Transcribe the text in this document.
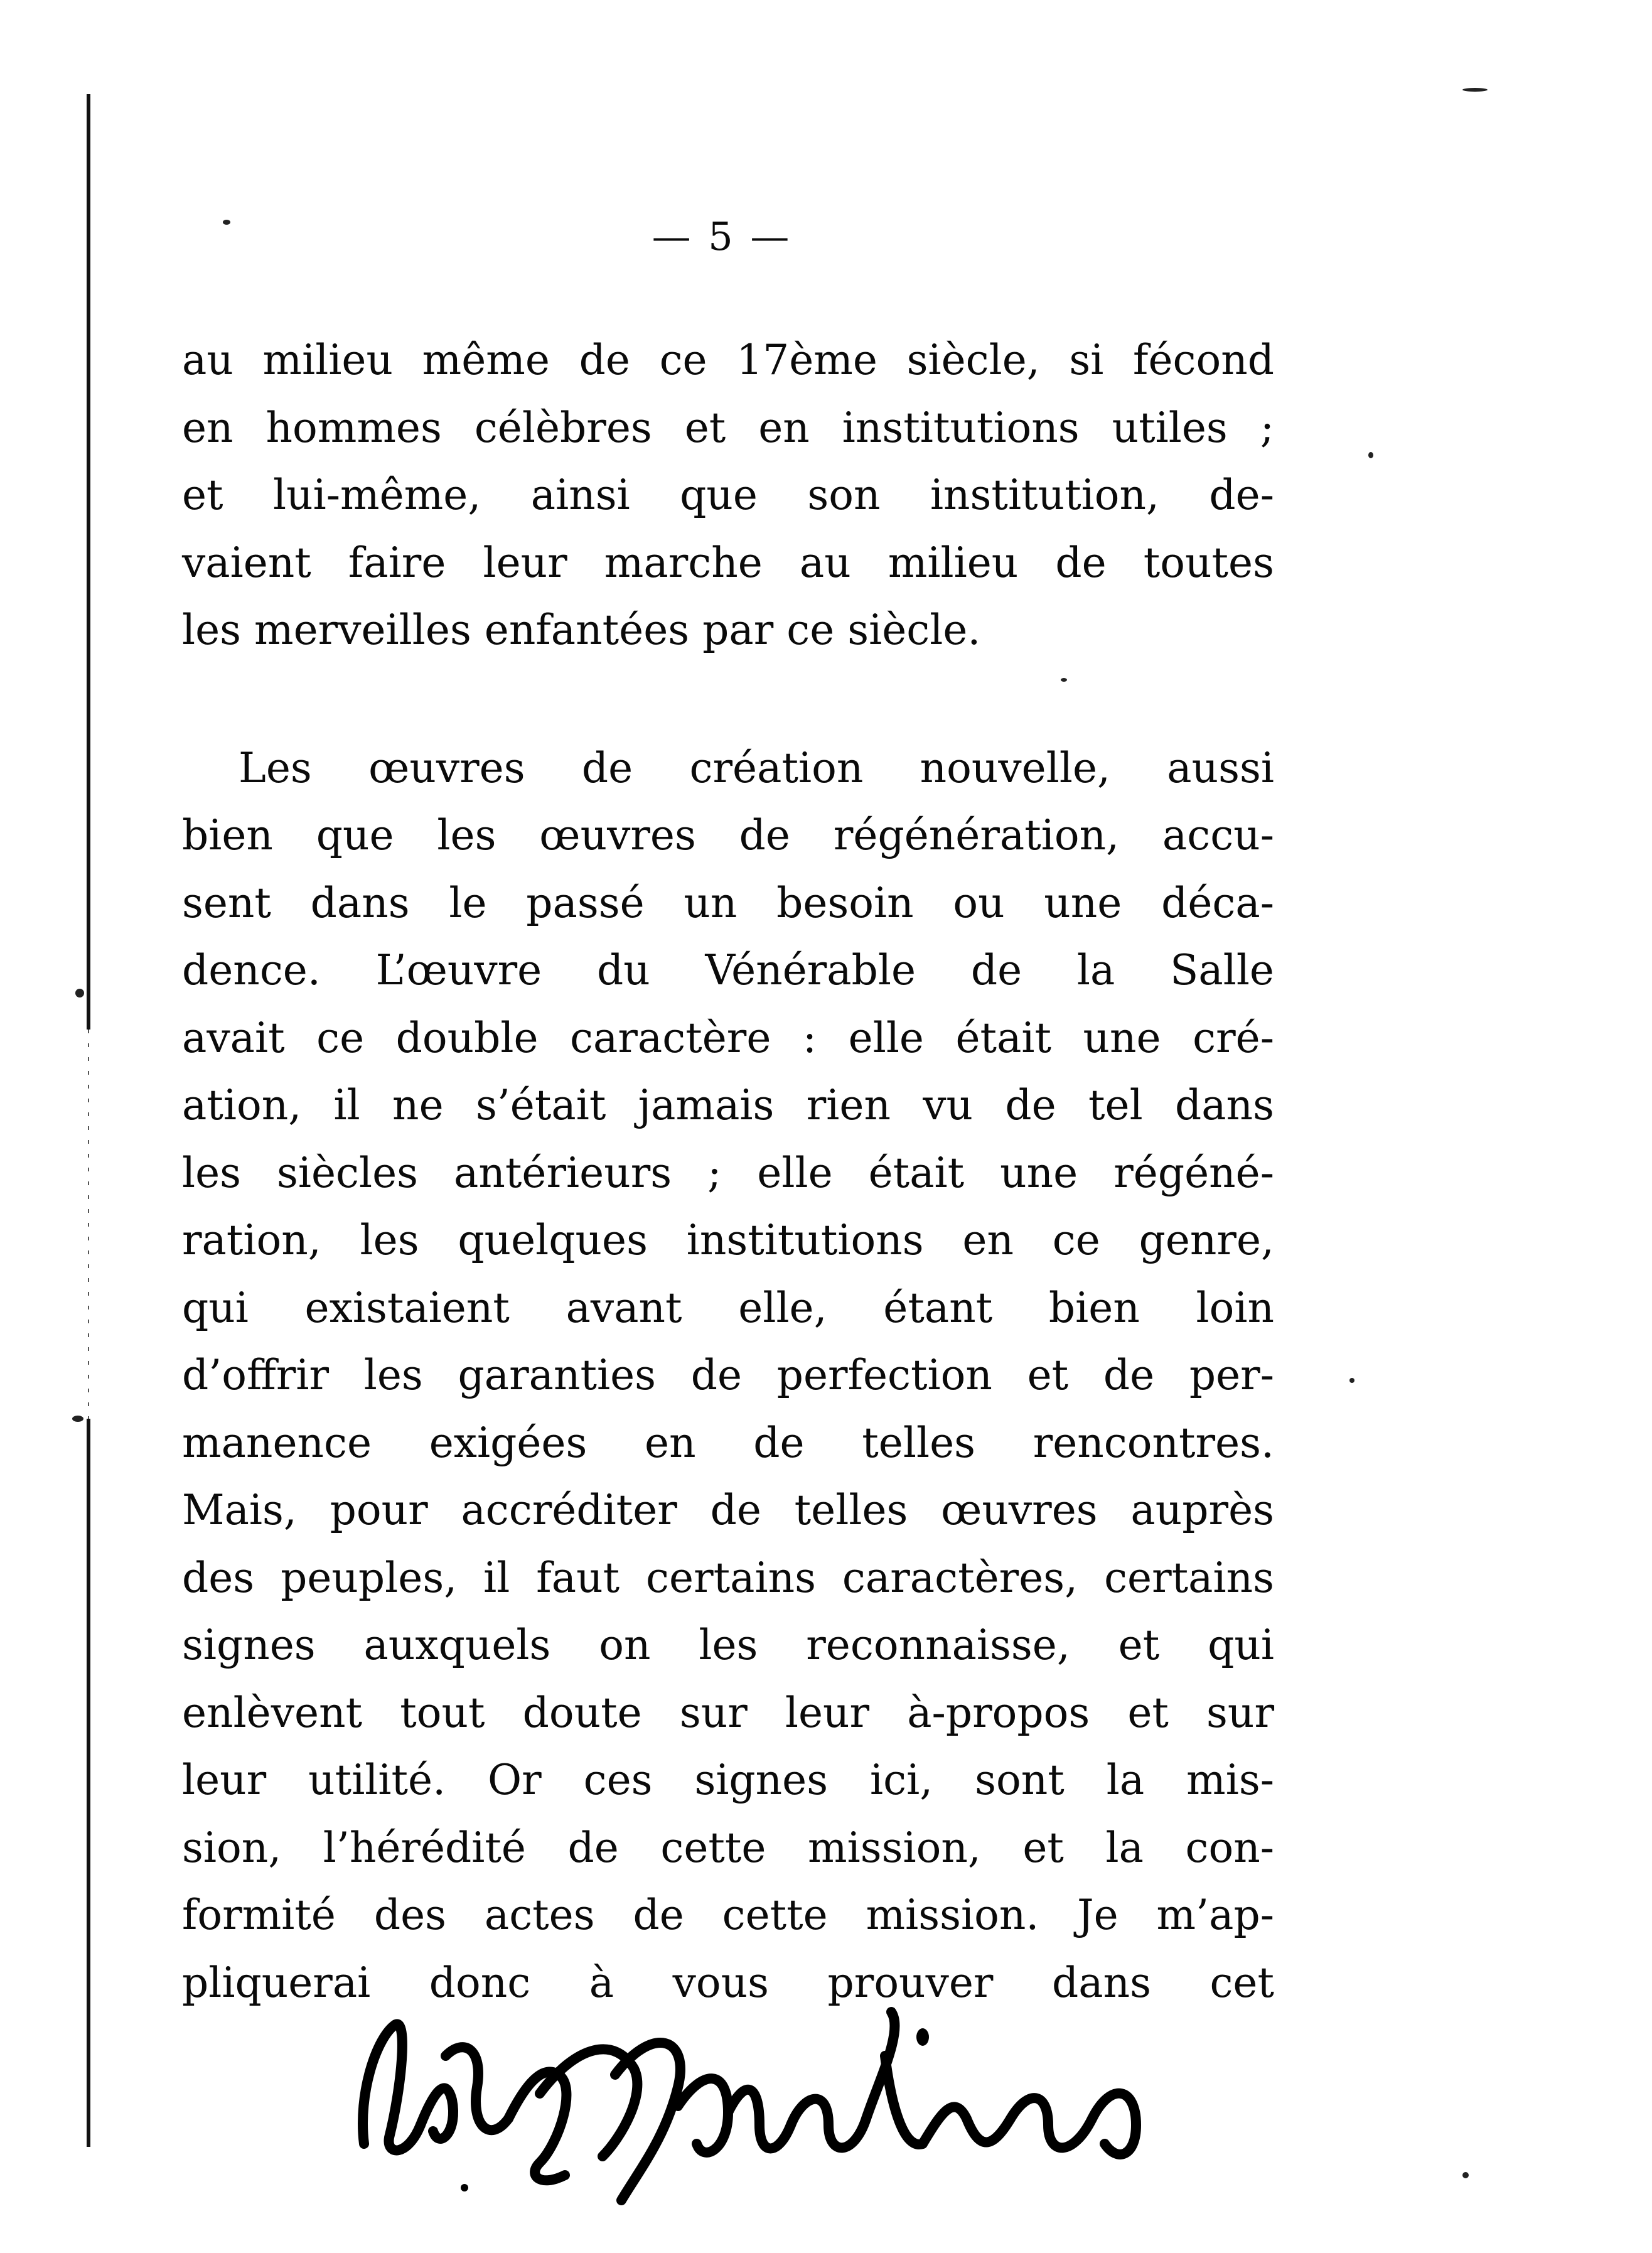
— 5 —
au milieu même de ce 17ème siècle, si fécond
en hommes célèbres et en institutions utiles ;
et lui-même, ainsi que son institution, de-
vaient faire leur marche au milieu de toutes
les merveilles enfantées par ce siècle.
Les œuvres de création nouvelle, aussi
bien que les œuvres de régénération, accu-
sent dans le passé un besoin ou une déca-
dence. L’œuvre du Vénérable de la Salle
avait ce double caractère : elle était une cré-
ation, il ne s’était jamais rien vu de tel dans
les siècles antérieurs ; elle était une régéné-
ration, les quelques institutions en ce genre,
qui existaient avant elle, étant bien loin
d’offrir les garanties de perfection et de per-
manence exigées en de telles rencontres.
Mais, pour accréditer de telles œuvres auprès
des peuples, il faut certains caractères, certains
signes auxquels on les reconnaisse, et qui
enlèvent tout doute sur leur à-propos et sur
leur utilité. Or ces signes ici, sont la mis-
sion, l’hérédité de cette mission, et la con-
formité des actes de cette mission. Je m’ap-
pliquerai donc à vous prouver dans cet
